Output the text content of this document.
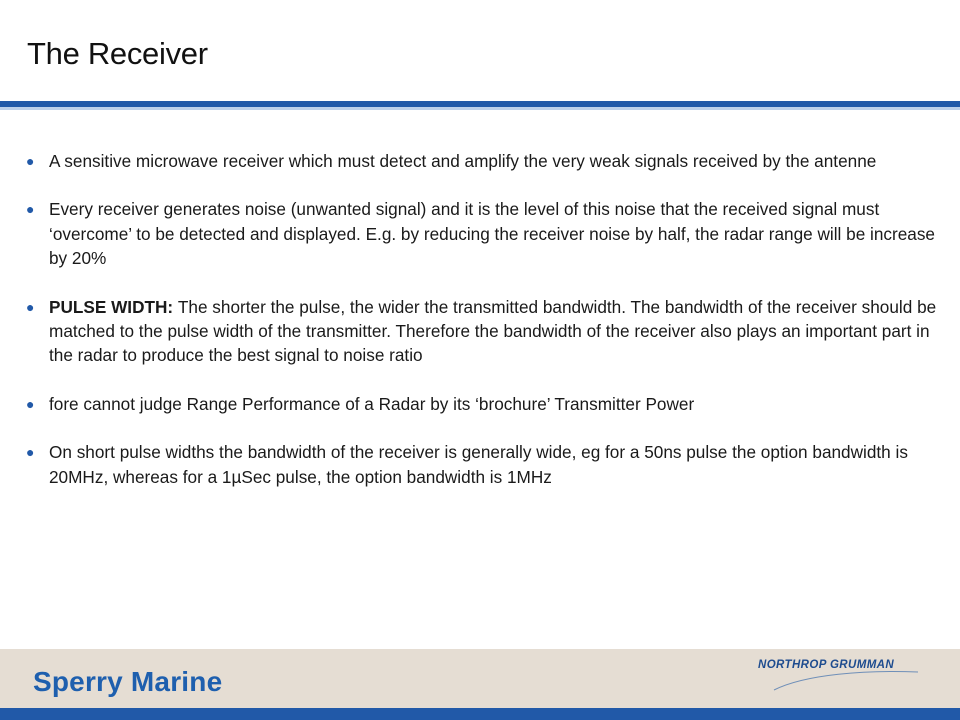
The Receiver
● A sensitive microwave receiver which must detect and amplify the very weak signals received by the antenne
● Every receiver generates noise (unwanted signal) and it is the level of this noise that the received signal must ‘overcome’ to be detected and displayed. E.g. by reducing the receiver noise by half, the radar range will be increase by 20%
● PULSE WIDTH: The shorter the pulse, the wider the transmitted bandwidth. The bandwidth of the receiver should be matched to the pulse width of the transmitter. Therefore the bandwidth of the receiver also plays an important part in the radar to produce the best signal to noise ratio
● fore cannot judge Range Performance of a Radar by its ‘brochure’ Transmitter Power
● On short pulse widths the bandwidth of the receiver is generally wide, eg for a 50ns pulse the option bandwidth is 20MHz, whereas for a 1µSec pulse, the option bandwidth is 1MHz
Sperry Marine
NORTHROP GRUMMAN
